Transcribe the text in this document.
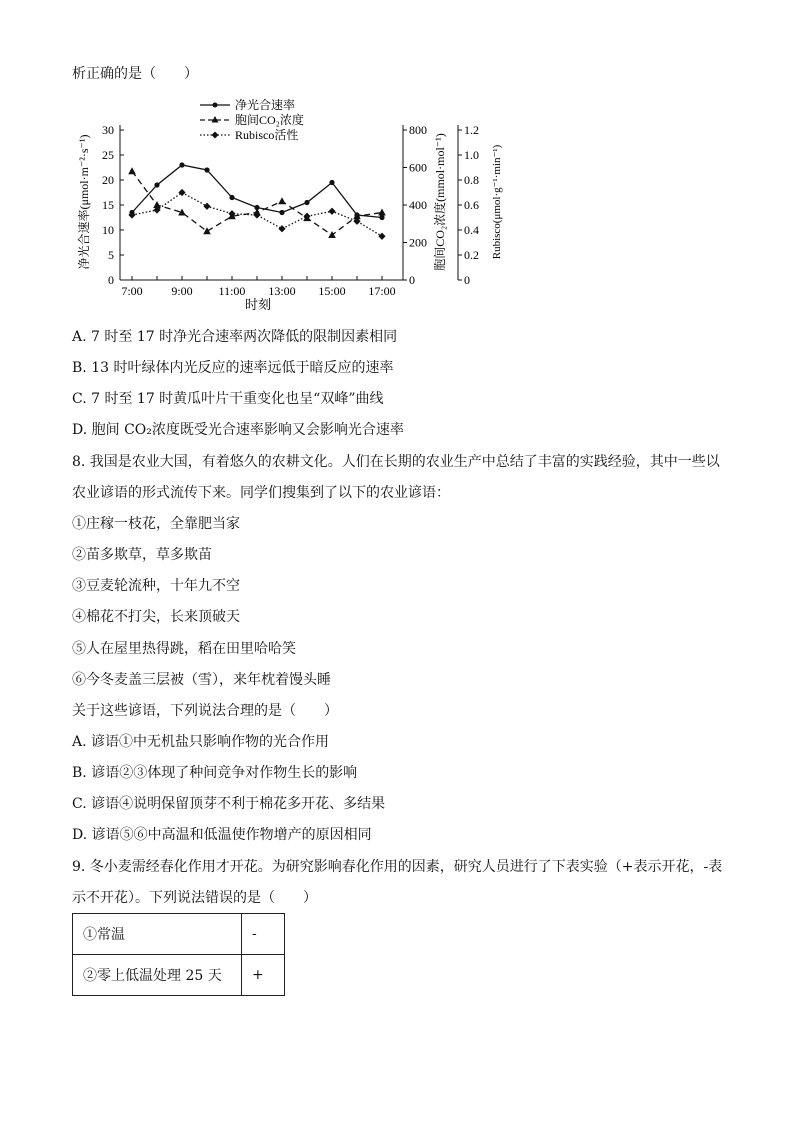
析正确的是（　　）
净光合速率(μmol·m⁻²·s⁻¹)	胞间CO₂浓度(mmol·mol⁻¹)	Rubisco(μmol·g⁻¹·min⁻¹)
时刻
净光合速率
胞间CO₂浓度
Rubisco活性
0
5
10
15
20
25
30
0
200
400
600
800
0
0.2
0.4
0.6
0.8
1.0
1.2
7:00 9:00 11:00 13:00 15:00 17:00
A. 7 时至 17 时净光合速率两次降低的限制因素相同
B. 13 时叶绿体内光反应的速率远低于暗反应的速率
C. 7 时至 17 时黄瓜叶片干重变化也呈“双峰”曲线
D. 胞间 CO₂浓度既受光合速率影响又会影响光合速率
8. 我国是农业大国，有着悠久的农耕文化。人们在长期的农业生产中总结了丰富的实践经验，其中一些以
农业谚语的形式流传下来。同学们搜集到了以下的农业谚语：
①庄稼一枝花，全靠肥当家
②苗多欺草，草多欺苗
③豆麦轮流种，十年九不空
④棉花不打尖，长来顶破天
⑤人在屋里热得跳，稻在田里哈哈笑
⑥今冬麦盖三层被（雪），来年枕着馒头睡
关于这些谚语，下列说法合理的是（　　）
A. 谚语①中无机盐只影响作物的光合作用
B. 谚语②③体现了种间竞争对作物生长的影响
C. 谚语④说明保留顶芽不利于棉花多开花、多结果
D. 谚语⑤⑥中高温和低温使作物增产的原因相同
9. 冬小麦需经春化作用才开花。为研究影响春化作用的因素，研究人员进行了下表实验（+表示开花，-表
示不开花）。下列说法错误的是（　　）
①常温	-
②零上低温处理 25 天	+
